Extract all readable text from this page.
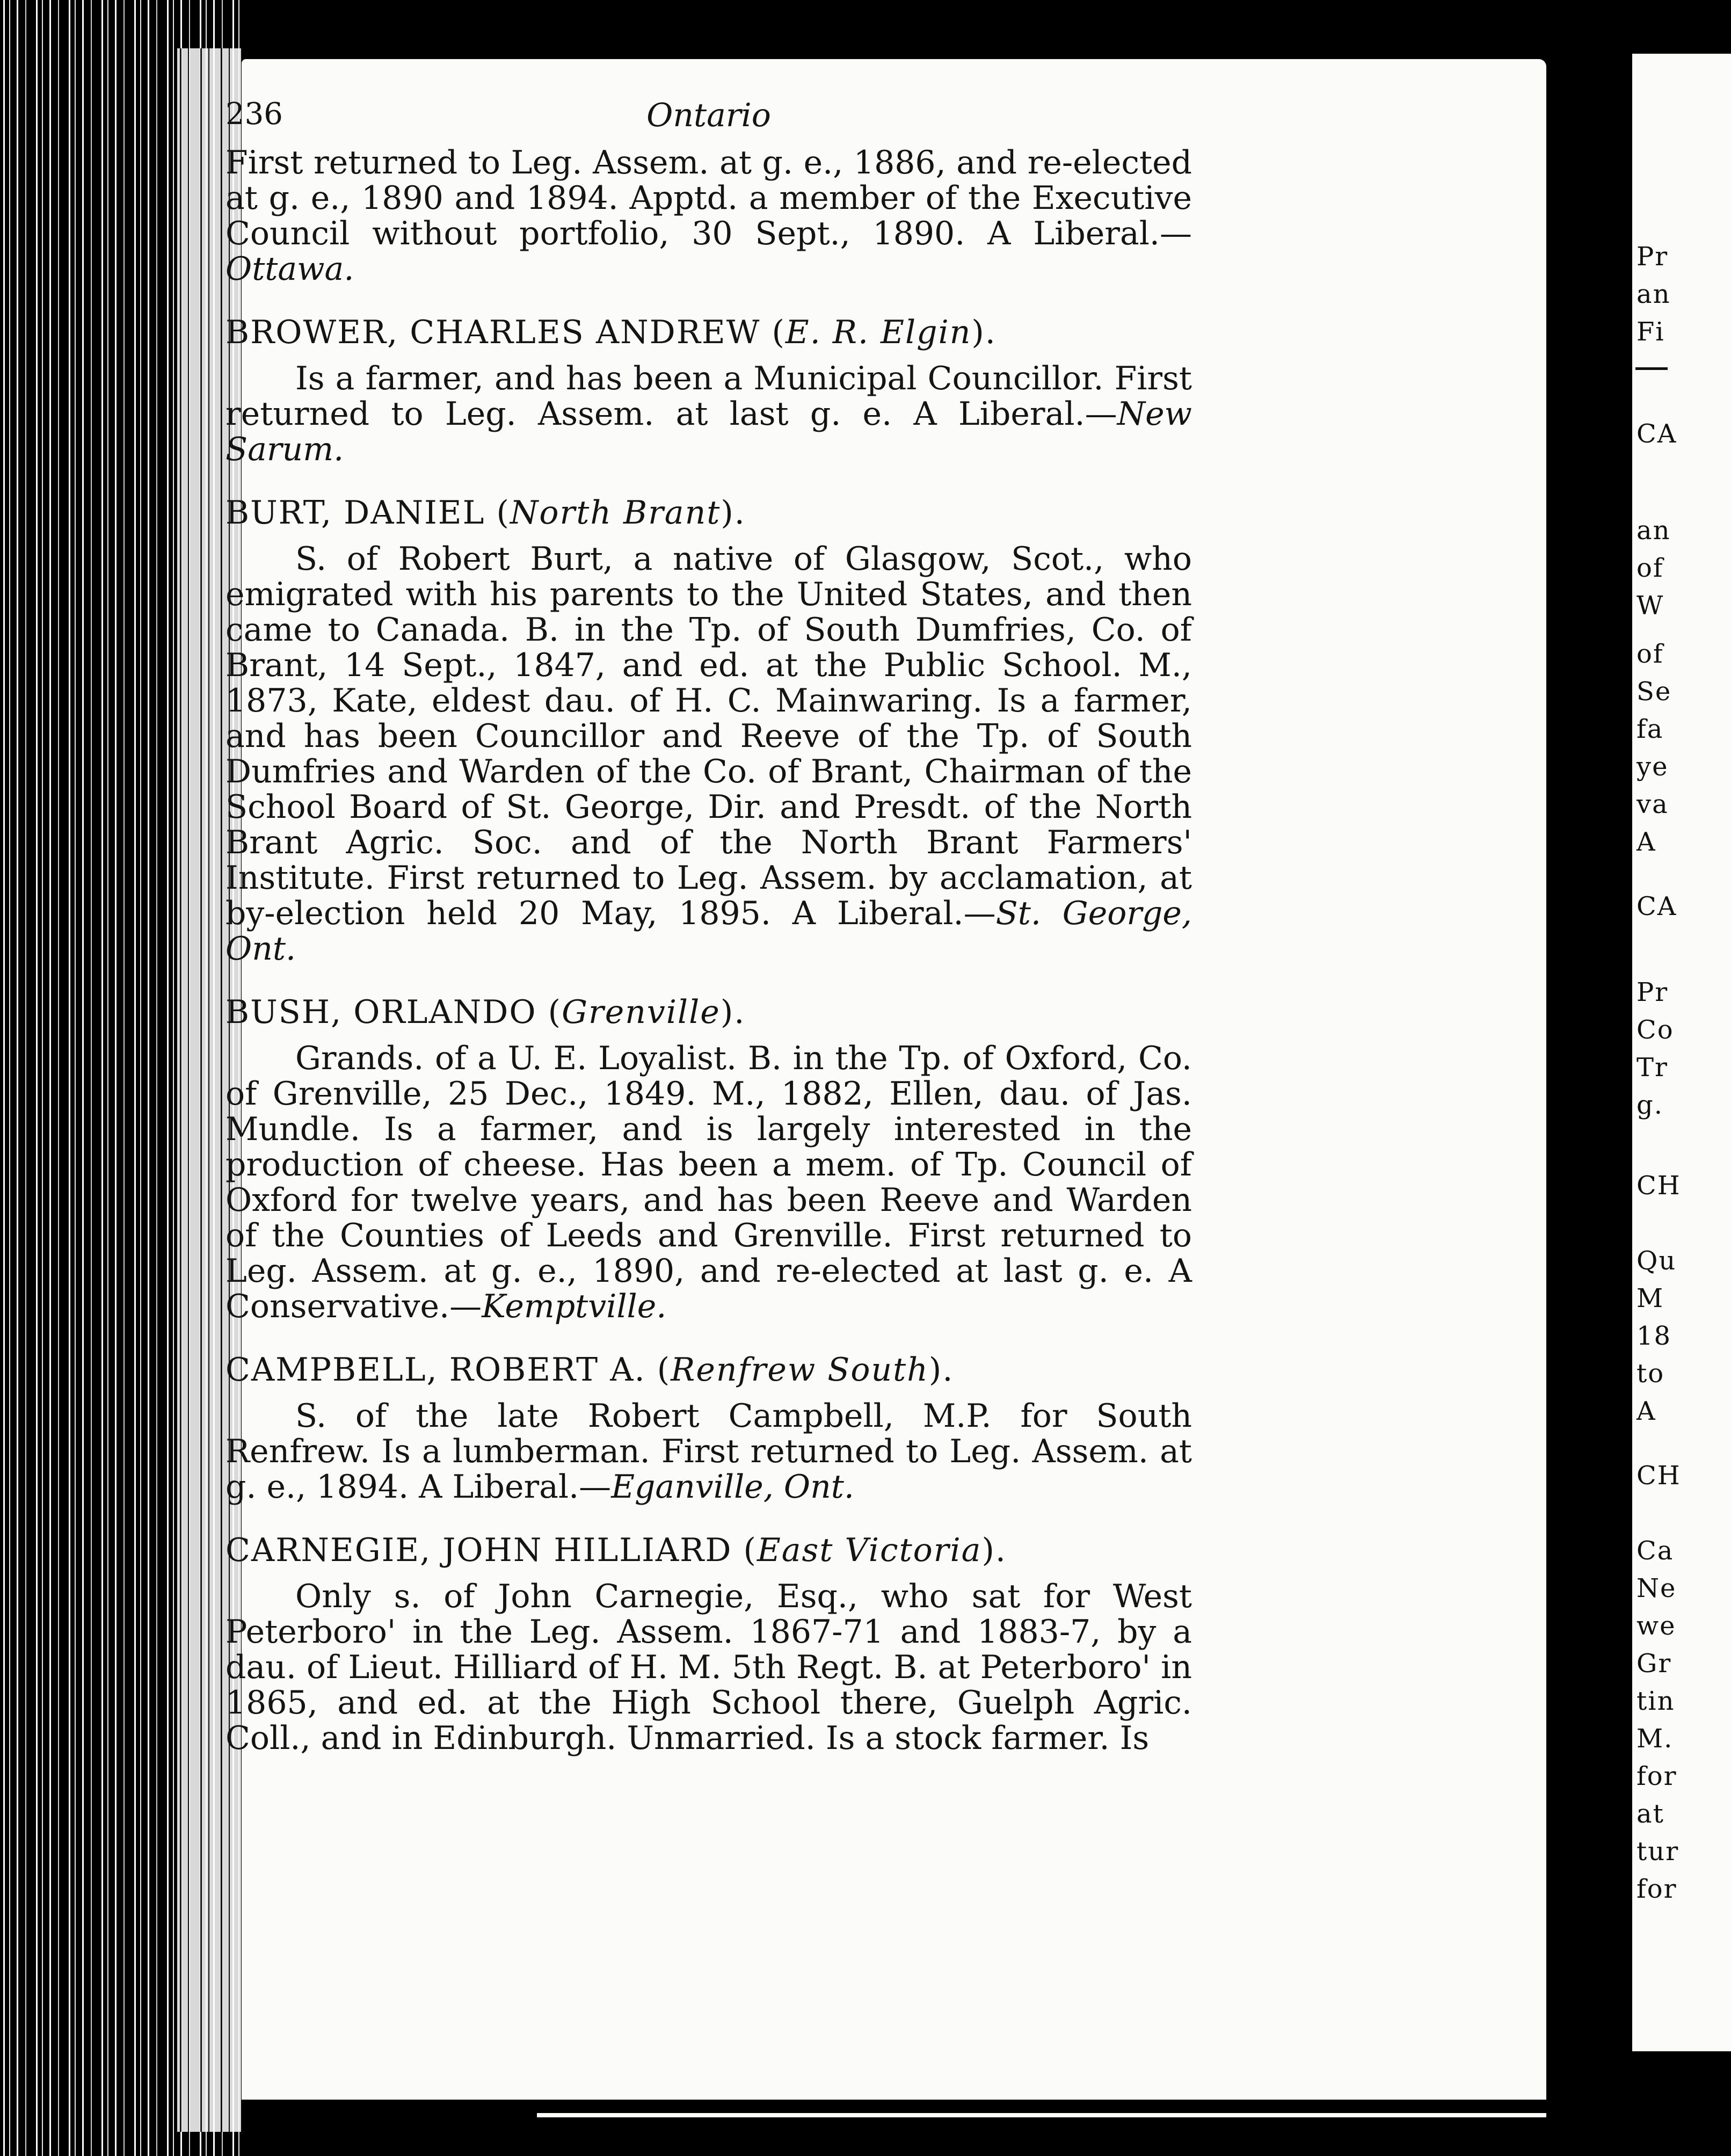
Pr
an
Fi
CA
an
of
W
of
Se
fa
ye
va
A
CA
Pr
Co
Tr
g.
CH
Qu
M
18
to
A
CH
Ca
Ne
we
Gr
tin
M.
for
at
tur
for
236	Ontario

First returned to Leg. Assem. at g. e., 1886, and re-elected at g. e., 1890 and 1894. Apptd. a member of the Executive Council without portfolio, 30 Sept., 1890. A Liberal.— Ottawa.

BROWER, CHARLES ANDREW (E. R. Elgin).

Is a farmer, and has been a Municipal Councillor. First returned to Leg. Assem. at last g. e. A Liberal.—New Sarum.

BURT, DANIEL (North Brant).

S. of Robert Burt, a native of Glasgow, Scot., who emigrated with his parents to the United States, and then came to Canada. B. in the Tp. of South Dumfries, Co. of Brant, 14 Sept., 1847, and ed. at the Public School. M., 1873, Kate, eldest dau. of H. C. Mainwaring. Is a farmer, and has been Councillor and Reeve of the Tp. of South Dumfries and Warden of the Co. of Brant, Chairman of the School Board of St. George, Dir. and Presdt. of the North Brant Agric. Soc. and of the North Brant Farmers' Institute. First returned to Leg. Assem. by acclamation, at by-election held 20 May, 1895. A Liberal.—St. George, Ont.

BUSH, ORLANDO (Grenville).

Grands. of a U. E. Loyalist. B. in the Tp. of Oxford, Co. of Grenville, 25 Dec., 1849. M., 1882, Ellen, dau. of Jas. Mundle. Is a farmer, and is largely interested in the production of cheese. Has been a mem. of Tp. Council of Oxford for twelve years, and has been Reeve and Warden of the Counties of Leeds and Grenville. First returned to Leg. Assem. at g. e., 1890, and re-elected at last g. e. A Conservative.—Kemptville.

CAMPBELL, ROBERT A. (Renfrew South).

S. of the late Robert Campbell, M.P. for South Renfrew. Is a lumberman. First returned to Leg. Assem. at g. e., 1894. A Liberal.—Eganville, Ont.

CARNEGIE, JOHN HILLIARD (East Victoria).

Only s. of John Carnegie, Esq., who sat for West Peterboro' in the Leg. Assem. 1867-71 and 1883-7, by a dau. of Lieut. Hilliard of H. M. 5th Regt. B. at Peterboro' in 1865, and ed. at the High School there, Guelph Agric. Coll., and in Edinburgh. Unmarried. Is a stock farmer. Is
